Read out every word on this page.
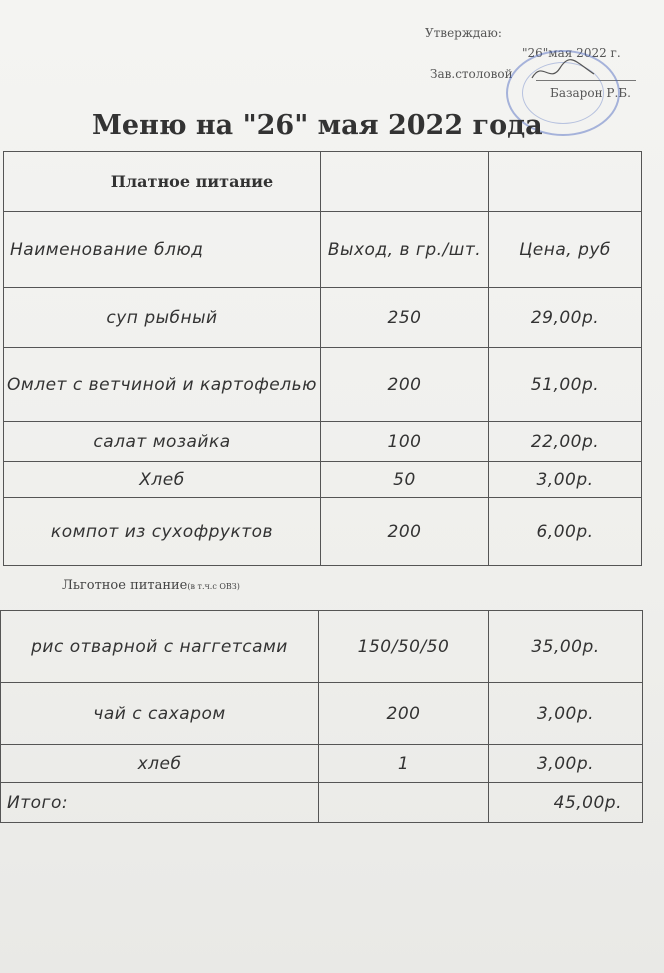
Утверждаю:
"26"мая 2022 г.
Зав.столовой
Базарон Р.Б.
Меню на "26" мая 2022 года
Платное питание		
Наименование блюд	Выход, в гр./шт.	Цена, руб
суп рыбный	250	29,00р.
Омлет с ветчиной и картофелью	200	51,00р.
салат мозайка	100	22,00р.
Хлеб	50	3,00р.
компот из сухофруктов	200	6,00р.
Льготное питание(в т.ч.с ОВЗ)
рис отварной с наггетсами	150/50/50	35,00р.
чай с сахаром	200	3,00р.
хлеб	1	3,00р.
Итого:		45,00р.
